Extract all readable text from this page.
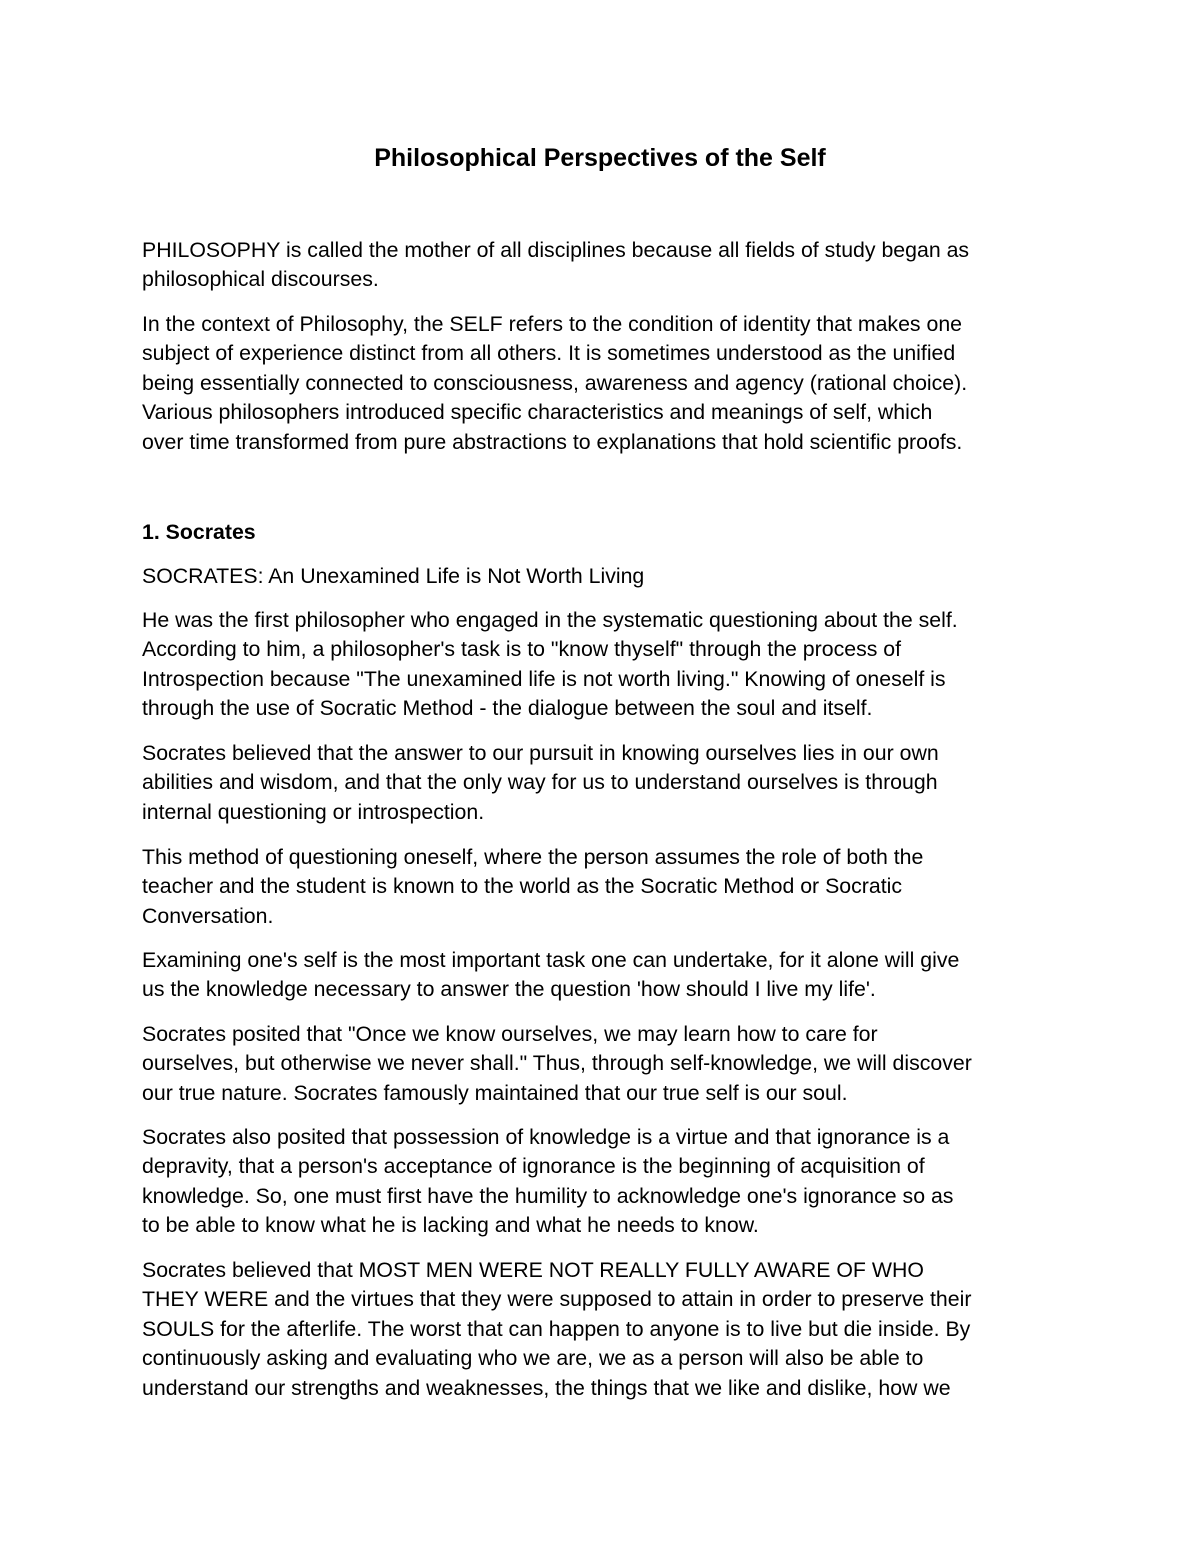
Philosophical Perspectives of the Self

PHILOSOPHY is called the mother of all disciplines because all fields of study began as
philosophical discourses.

In the context of Philosophy, the SELF refers to the condition of identity that makes one
subject of experience distinct from all others. It is sometimes understood as the unified
being essentially connected to consciousness, awareness and agency (rational choice).
Various philosophers introduced specific characteristics and meanings of self, which
over time transformed from pure abstractions to explanations that hold scientific proofs.

1. Socrates

SOCRATES: An Unexamined Life is Not Worth Living

He was the first philosopher who engaged in the systematic questioning about the self.
According to him, a philosopher's task is to "know thyself" through the process of
Introspection because "The unexamined life is not worth living." Knowing of oneself is
through the use of Socratic Method - the dialogue between the soul and itself.

Socrates believed that the answer to our pursuit in knowing ourselves lies in our own
abilities and wisdom, and that the only way for us to understand ourselves is through
internal questioning or introspection.

This method of questioning oneself, where the person assumes the role of both the
teacher and the student is known to the world as the Socratic Method or Socratic
Conversation.

Examining one's self is the most important task one can undertake, for it alone will give
us the knowledge necessary to answer the question 'how should I live my life'.

Socrates posited that "Once we know ourselves, we may learn how to care for
ourselves, but otherwise we never shall." Thus, through self-knowledge, we will discover
our true nature. Socrates famously maintained that our true self is our soul.

Socrates also posited that possession of knowledge is a virtue and that ignorance is a
depravity, that a person's acceptance of ignorance is the beginning of acquisition of
knowledge. So, one must first have the humility to acknowledge one's ignorance so as
to be able to know what he is lacking and what he needs to know.

Socrates believed that MOST MEN WERE NOT REALLY FULLY AWARE OF WHO
THEY WERE and the virtues that they were supposed to attain in order to preserve their
SOULS for the afterlife. The worst that can happen to anyone is to live but die inside. By
continuously asking and evaluating who we are, we as a person will also be able to
understand our strengths and weaknesses, the things that we like and dislike, how we
